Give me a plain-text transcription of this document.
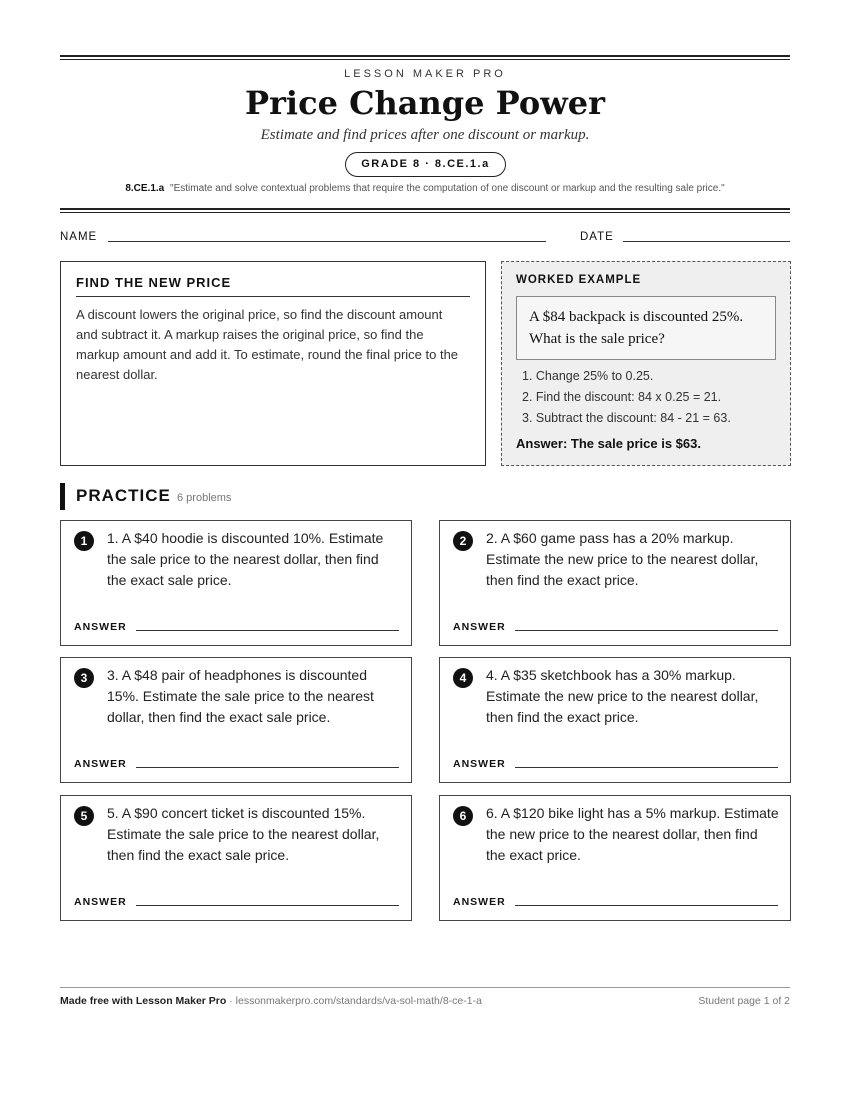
LESSON MAKER PRO
Price Change Power
Estimate and find prices after one discount or markup.
GRADE 8 · 8.CE.1.a
8.CE.1.a "Estimate and solve contextual problems that require the computation of one discount or markup and the resulting sale price."
NAME	DATE
FIND THE NEW PRICE
A discount lowers the original price, so find the discount amount and subtract it. A markup raises the original price, so find the markup amount and add it. To estimate, round the final price to the nearest dollar.
WORKED EXAMPLE
A $84 backpack is discounted 25%. What is the sale price?
1. Change 25% to 0.25.
2. Find the discount: 84 x 0.25 = 21.
3. Subtract the discount: 84 - 21 = 63.
Answer: The sale price is $63.
PRACTICE 6 problems
1	1. A $40 hoodie is discounted 10%. Estimate the sale price to the nearest dollar, then find the exact sale price.
ANSWER
2	2. A $60 game pass has a 20% markup. Estimate the new price to the nearest dollar, then find the exact price.
ANSWER
3	3. A $48 pair of headphones is discounted 15%. Estimate the sale price to the nearest dollar, then find the exact sale price.
ANSWER
4	4. A $35 sketchbook has a 30% markup. Estimate the new price to the nearest dollar, then find the exact price.
ANSWER
5	5. A $90 concert ticket is discounted 15%. Estimate the sale price to the nearest dollar, then find the exact sale price.
ANSWER
6	6. A $120 bike light has a 5% markup. Estimate the new price to the nearest dollar, then find the exact price.
ANSWER
Made free with Lesson Maker Pro · lessonmakerpro.com/standards/va-sol-math/8-ce-1-a	Student page 1 of 2
